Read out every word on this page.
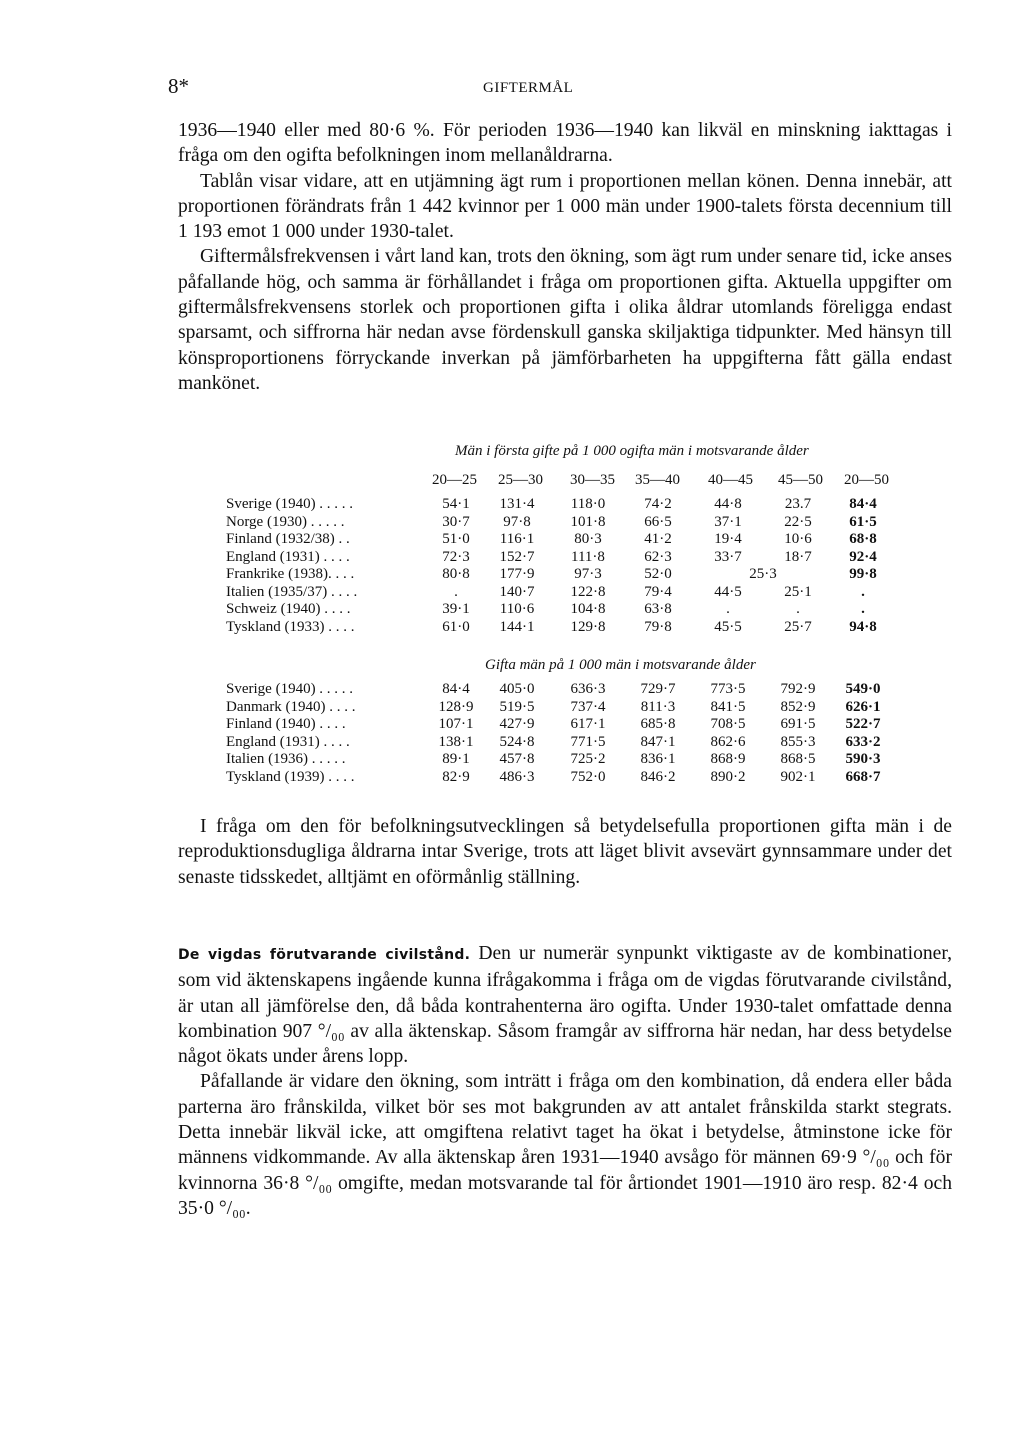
8*	GIFTERMÅL

1936—1940 eller med 80·6 %. För perioden 1936—1940 kan likväl en minskning iakttagas i fråga om den ogifta befolkningen inom mellanåldrarna.

Tablån visar vidare, att en utjämning ägt rum i proportionen mellan könen. Denna innebär, att proportionen förändrats från 1 442 kvinnor per 1 000 män under 1900-talets första decennium till 1 193 emot 1 000 under 1930-talet.

Giftermålsfrekvensen i vårt land kan, trots den ökning, som ägt rum under senare tid, icke anses påfallande hög, och samma är förhållandet i fråga om proportionen gifta. Aktuella uppgifter om giftermålsfrekvensens storlek och proportionen gifta i olika åldrar utomlands föreligga endast sparsamt, och siffrorna här nedan avse fördenskull ganska skiljaktiga tidpunkter. Med hänsyn till könsproportionens förryckande inverkan på jämförbarheten ha uppgifterna fått gälla endast mankönet.

Män i första gifte på 1 000 ogifta män i motsvarande ålder
20—25 25—30 30—35 35—40 40—45 45—50 20—50
Sverige (1940) . . . . .	54·1	131·4	118·0	74·2	44·8	23.7	84·4
Norge (1930) . . . . .	30·7	97·8	101·8	66·5	37·1	22·5	61·5
Finland (1932/38) . .	51·0	116·1	80·3	41·2	19·4	10·6	68·8
England (1931) . . . .	72·3	152·7	111·8	62·3	33·7	18·7	92·4
Frankrike (1938). . . .	80·8	177·9	97·3	52·0	25·3		99·8
Italien (1935/37) . . . .	.	140·7	122·8	79·4	44·5	25·1	.
Schweiz (1940) . . . .	39·1	110·6	104·8	63·8	.	.	.
Tyskland (1933) . . . .	61·0	144·1	129·8	79·8	45·5	25·7	94·8
Gifta män på 1 000 män i motsvarande ålder
Sverige (1940) . . . . .	84·4	405·0	636·3	729·7	773·5	792·9	549·0
Danmark (1940) . . . .	128·9	519·5	737·4	811·3	841·5	852·9	626·1
Finland (1940) . . . .	107·1	427·9	617·1	685·8	708·5	691·5	522·7
England (1931) . . . .	138·1	524·8	771·5	847·1	862·6	855·3	633·2
Italien (1936) . . . . .	89·1	457·8	725·2	836·1	868·9	868·5	590·3
Tyskland (1939) . . . .	82·9	486·3	752·0	846·2	890·2	902·1	668·7

I fråga om den för befolkningsutvecklingen så betydelsefulla proportionen gifta män i de reproduktionsdugliga åldrarna intar Sverige, trots att läget blivit avsevärt gynnsammare under det senaste tidsskedet, alltjämt en oförmånlig ställning.

De vigdas förutvarande civilstånd. Den ur numerär synpunkt viktigaste av de kombinationer, som vid äktenskapens ingående kunna ifrågakomma i fråga om de vigdas förutvarande civilstånd, är utan all jämförelse den, då båda kontrahenterna äro ogifta. Under 1930-talet omfattade denna kombination 907 °/₀₀ av alla äktenskap. Såsom framgår av siffrorna här nedan, har dess betydelse något ökats under årens lopp.

Påfallande är vidare den ökning, som inträtt i fråga om den kombination, då endera eller båda parterna äro frånskilda, vilket bör ses mot bakgrunden av att antalet frånskilda starkt stegrats. Detta innebär likväl icke, att omgiftena relativt taget ha ökat i betydelse, åtminstone icke för männens vidkommande. Av alla äktenskap åren 1931—1940 avsågo för männen 69·9 °/₀₀ och för kvinnorna 36·8 °/₀₀ omgifte, medan motsvarande tal för årtiondet 1901—1910 äro resp. 82·4 och 35·0 °/₀₀.
